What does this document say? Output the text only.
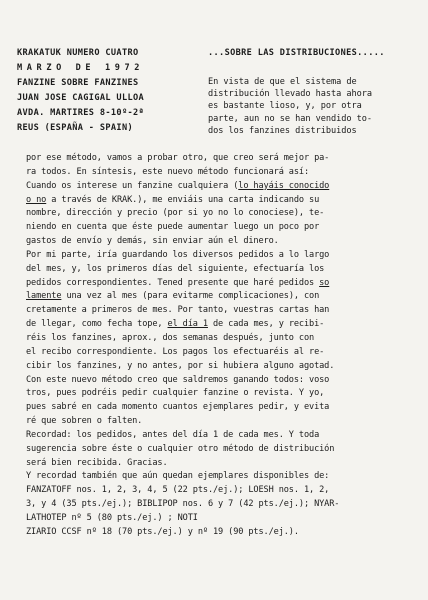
KRAKATUK NUMERO CUATRO
MARZO DE 1972
FANZINE SOBRE FANZINES
JUAN JOSE CAGIGAL ULLOA
AVDA. MARTIRES 8-10º-2ª
REUS (ESPAÑA - SPAIN)
...SOBRE LAS DISTRIBUCIONES.....
En vista de que el sistema de
distribución llevado hasta ahora
es bastante lioso, y, por otra
parte, aun no se han vendido to-
dos los fanzines distribuidos
por ese método, vamos a probar otro, que creo será mejor pa-
ra todos. En síntesis, este nuevo método funcionará así:
Cuando os interese un fanzine cualquiera (lo hayáis conocido
o no a través de KRAK.), me enviáis una carta indicando su
nombre, dirección y precio (por si yo no lo conociese), te-
niendo en cuenta que éste puede aumentar luego un poco por
gastos de envío y demás, sin enviar aún el dinero.
Por mi parte, iría guardando los diversos pedidos a lo largo
del mes, y, los primeros días del siguiente, efectuaría los
pedidos correspondientes. Tened presente que haré pedidos so
lamente una vez al mes (para evitarme complicaciones), con
cretamente a primeros de mes. Por tanto, vuestras cartas han
de llegar, como fecha tope, el día 1 de cada mes, y recibi-
réis los fanzines, aprox., dos semanas después, junto con
el recibo correspondiente. Los pagos los efectuaréis al re-
cibir los fanzines, y no antes, por si hubiera alguno agotad.
Con este nuevo método creo que saldremos ganando todos: voso
tros, pues podréis pedir cualquier fanzine o revista. Y yo,
pues sabré en cada momento cuantos ejemplares pedir, y evita
ré que sobren o falten.
Recordad: los pedidos, antes del día 1 de cada mes. Y toda
sugerencia sobre éste o cualquier otro método de distribución
será bien recibida. Gracias.
Y recordad también que aún quedan ejemplares disponibles de:
FANZATOFF nos. 1, 2, 3, 4, 5 (22 pts./ej.); LOESH nos. 1, 2,
3, y 4 (35 pts./ej.); BIBLIPOP nos. 6 y 7 (42 pts./ej.); NYAR-
LATHOTEP nº 5 (80 pts./ej.) ; NOTI
ZIARIO CCSF nº 18 (70 pts./ej.) y nº 19 (90 pts./ej.).
